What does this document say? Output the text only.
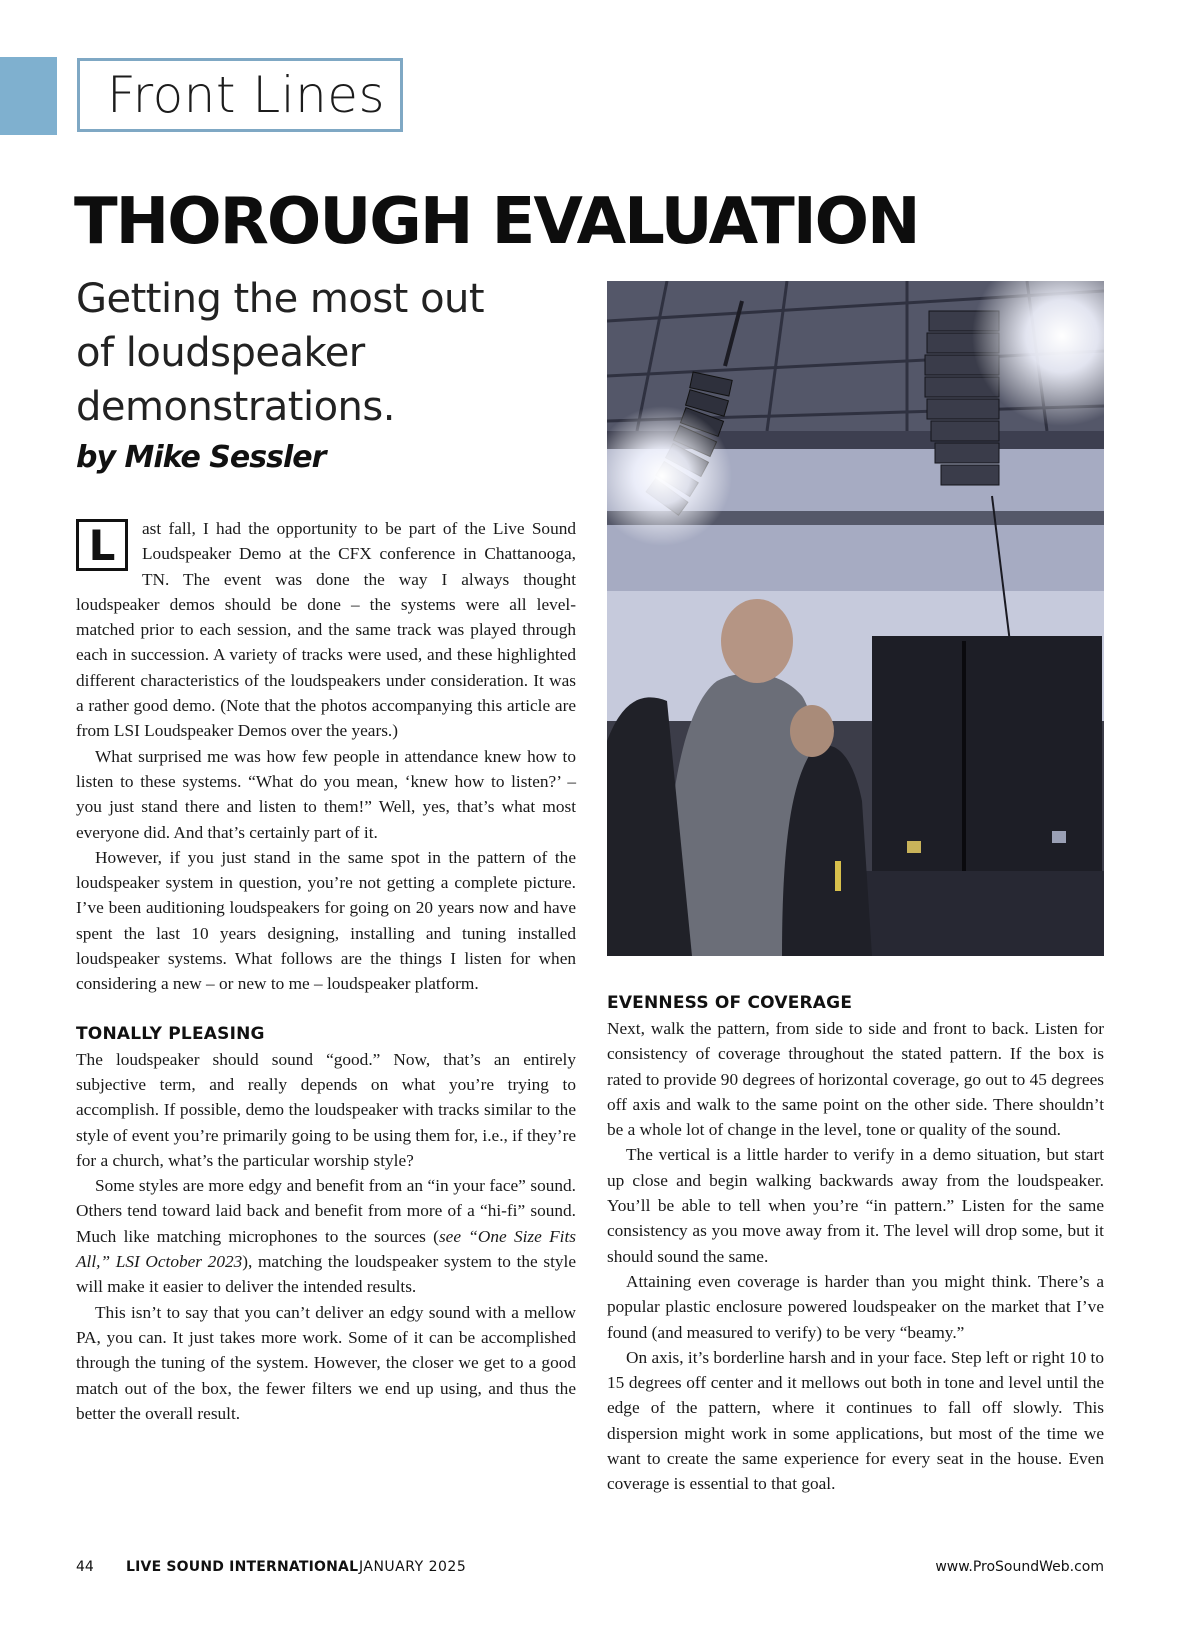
Front Lines
THOROUGH EVALUATION
Getting the most out of loudspeaker demonstrations.
by Mike Sessler
L	ast fall, I had the opportunity to be part of the Live Sound Loudspeaker Demo at the CFX conference in Chattanooga, TN. The event was done the way I always thought loudspeaker demos should be done – the systems were all level-matched prior to each session, and the same track was played through each in succession. A variety of tracks were used, and these highlighted different characteristics of the loudspeakers under consideration. It was a rather good demo. (Note that the photos accompanying this article are from LSI Loudspeaker Demos over the years.)

What surprised me was how few people in attendance knew how to listen to these systems. “What do you mean, ‘knew how to listen?’ – you just stand there and listen to them!” Well, yes, that’s what most everyone did. And that’s certainly part of it.

However, if you just stand in the same spot in the pattern of the loudspeaker system in question, you’re not getting a complete picture. I’ve been auditioning loudspeakers for going on 20 years now and have spent the last 10 years designing, installing and tuning installed loudspeaker systems. What follows are the things I listen for when considering a new – or new to me – loudspeaker platform.

TONALLY PLEASING

The loudspeaker should sound “good.” Now, that’s an entirely subjective term, and really depends on what you’re trying to accomplish. If possible, demo the loudspeaker with tracks similar to the style of event you’re primarily going to be using them for, i.e., if they’re for a church, what’s the particular worship style?

Some styles are more edgy and benefit from an “in your face” sound. Others tend toward laid back and benefit from more of a “hi-fi” sound. Much like matching microphones to the sources (see “One Size Fits All,” LSI October 2023), matching the loudspeaker system to the style will make it easier to deliver the intended results.

This isn’t to say that you can’t deliver an edgy sound with a mellow PA, you can. It just takes more work. Some of it can be accomplished through the tuning of the system. However, the closer we get to a good match out of the box, the fewer filters we end up using, and thus the better the overall result.

EVENNESS OF COVERAGE

Next, walk the pattern, from side to side and front to back. Listen for consistency of coverage throughout the stated pattern. If the box is rated to provide 90 degrees of horizontal coverage, go out to 45 degrees off axis and walk to the same point on the other side. There shouldn’t be a whole lot of change in the level, tone or quality of the sound.

The vertical is a little harder to verify in a demo situation, but start up close and begin walking backwards away from the loudspeaker. You’ll be able to tell when you’re “in pattern.” Listen for the same consistency as you move away from it. The level will drop some, but it should sound the same.

Attaining even coverage is harder than you might think. There’s a popular plastic enclosure powered loudspeaker on the market that I’ve found (and measured to verify) to be very “beamy.”

On axis, it’s borderline harsh and in your face. Step left or right 10 to 15 degrees off center and it mellows out both in tone and level until the edge of the pattern, where it continues to fall off slowly. This dispersion might work in some applications, but most of the time we want to create the same experience for every seat in the house. Even coverage is essential to that goal.

44 LIVE SOUND INTERNATIONAL JANUARY 2025	www.ProSoundWeb.com
